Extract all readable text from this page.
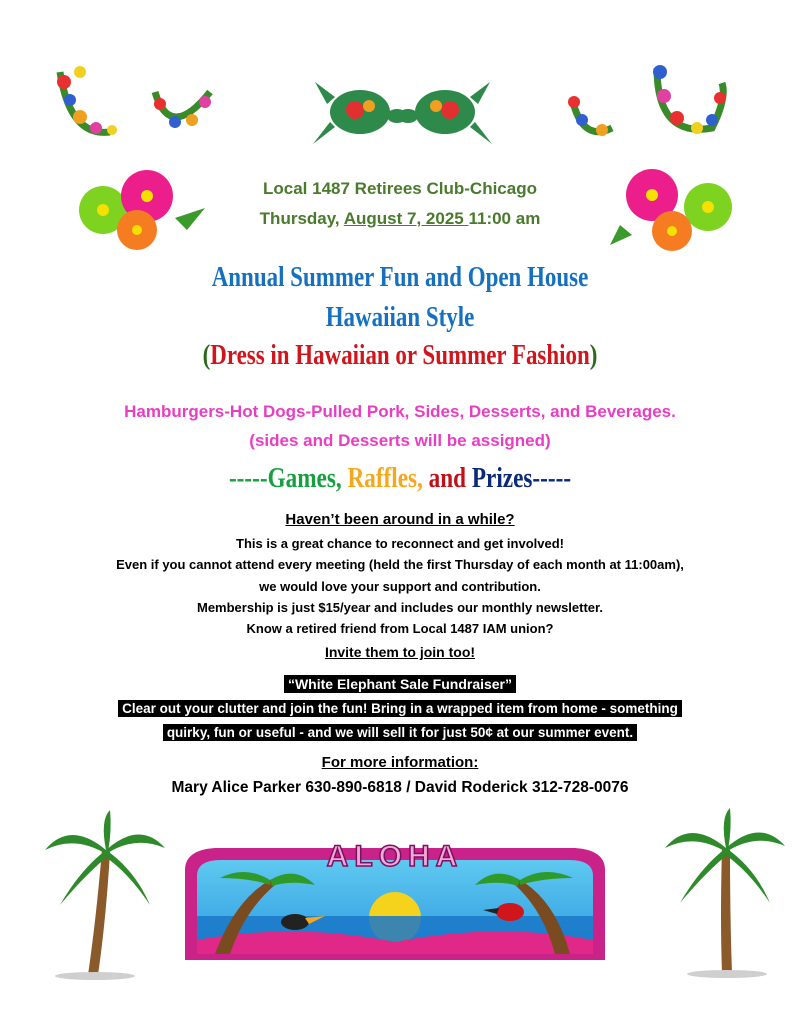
Local 1487 Retirees Club-Chicago
Thursday, August 7, 2025 11:00 am
Annual Summer Fun and Open House
Hawaiian Style
(Dress in Hawaiian or Summer Fashion)
Hamburgers-Hot Dogs-Pulled Pork, Sides, Desserts, and Beverages.
(sides and Desserts will be assigned)
-----Games, Raffles, and Prizes-----
Haven’t been around in a while?
This is a great chance to reconnect and get involved!
Even if you cannot attend every meeting (held the first Thursday of each month at 11:00am),
we would love your support and contribution.
Membership is just $15/year and includes our monthly newsletter.
Know a retired friend from Local 1487 IAM union?
Invite them to join too!
“White Elephant Sale Fundraiser”
Clear out your clutter and join the fun! Bring in a wrapped item from home - something
quirky, fun or useful - and we will sell it for just 50¢ at our summer event.
For more information:
Mary Alice Parker 630-890-6818 / David Roderick 312-728-0076
ALOHA
